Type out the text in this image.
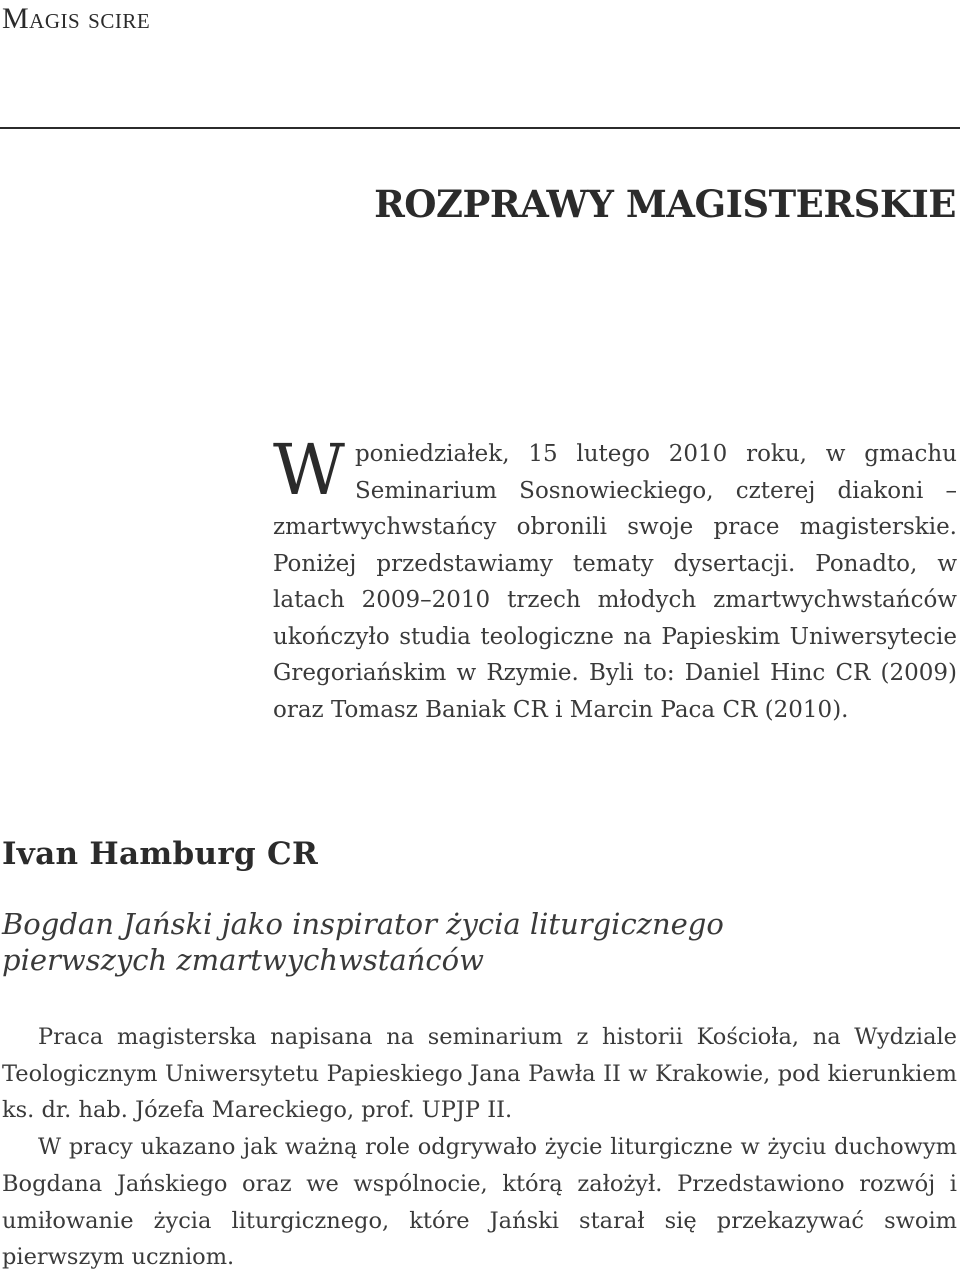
Magis scire
ROZPRAWY MAGISTERSKIE
W poniedziałek, 15 lutego 2010 roku, w gmachu Seminarium Sosnowieckiego, czterej diakoni – zmartwychwstańcy obronili swoje prace magisterskie. Poniżej przedstawiamy tematy dysertacji. Ponadto, w latach 2009–2010 trzech młodych zmartwychwstańców ukończyło studia teologiczne na Papieskim Uniwersytecie Gregoriańskim w Rzymie. Byli to: Daniel Hinc CR (2009) oraz Tomasz Baniak CR i Marcin Paca CR (2010).
Ivan Hamburg CR
Bogdan Jański jako inspirator życia liturgicznego
pierwszych zmartwychwstańców

Praca magisterska napisana na seminarium z historii Kościoła, na Wydziale Teologicznym Uniwersytetu Papieskiego Jana Pawła II w Krakowie, pod kierunkiem ks. dr. hab. Józefa Mareckiego, prof. UPJP II.

W pracy ukazano jak ważną role odgrywało życie liturgiczne w życiu duchowym Bogdana Jańskiego oraz we wspólnocie, którą założył. Przedstawiono rozwój i umiłowanie życia liturgicznego, które Jański starał się przekazywać swoim pierwszym uczniom.
